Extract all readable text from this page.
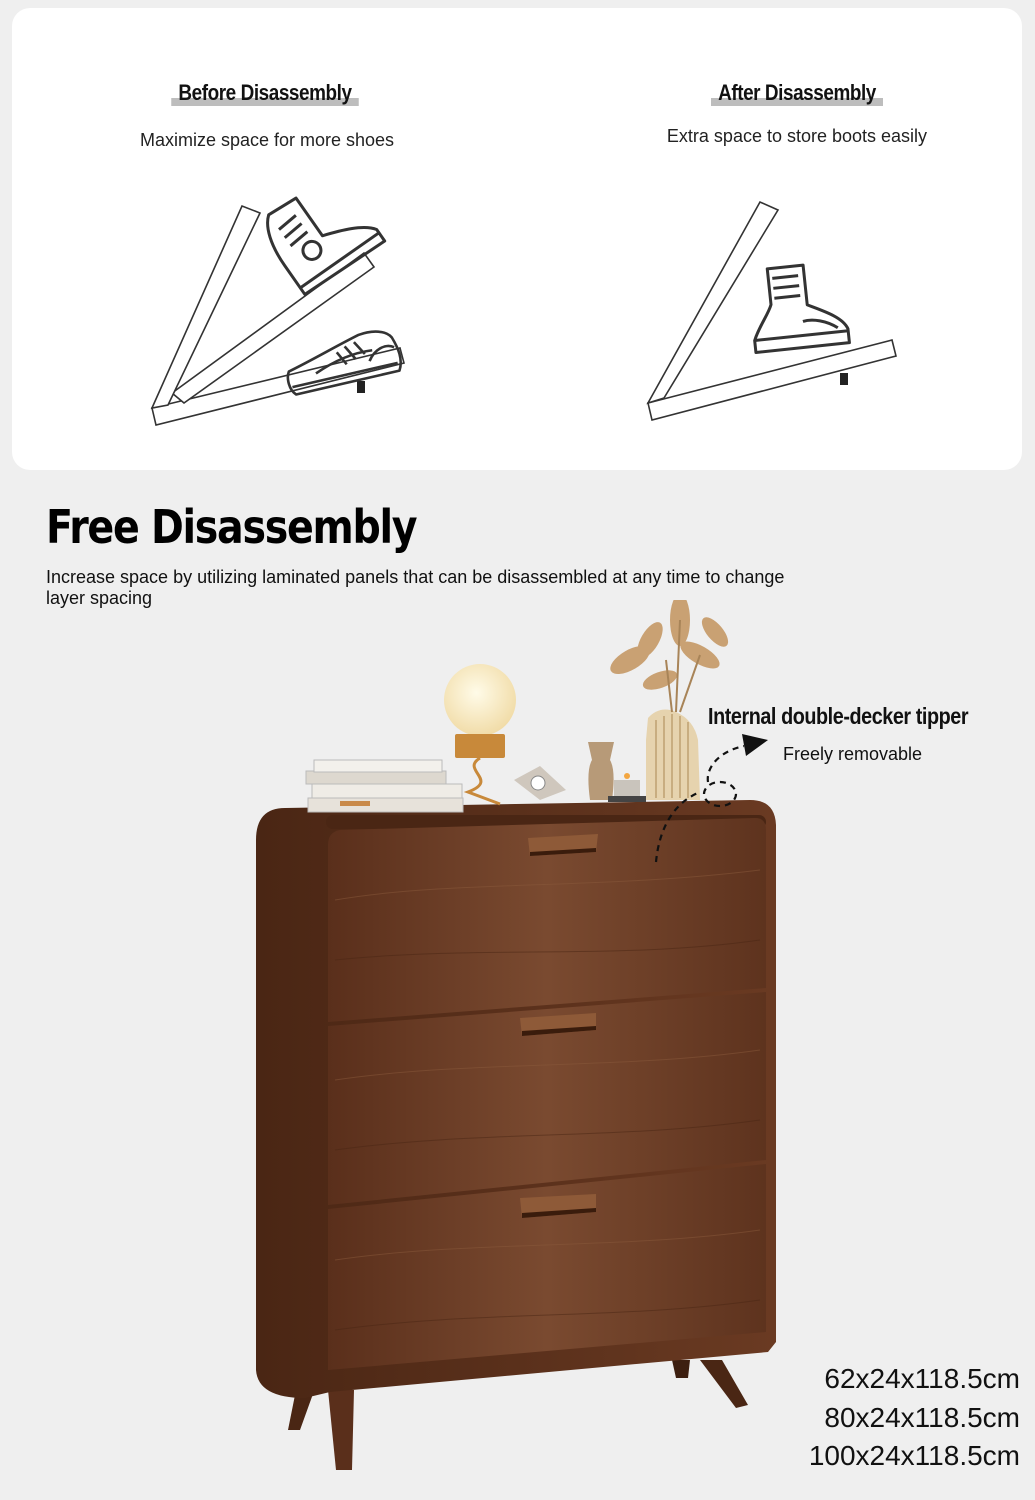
Before Disassembly
Maximize space for more shoes
After Disassembly
Extra space to store boots easily
Free Disassembly

Increase space by utilizing laminated panels that can be disassembled at any time to change layer spacing

Internal double-decker tipper
Freely removable
62x24x118.5cm
80x24x118.5cm
100x24x118.5cm
